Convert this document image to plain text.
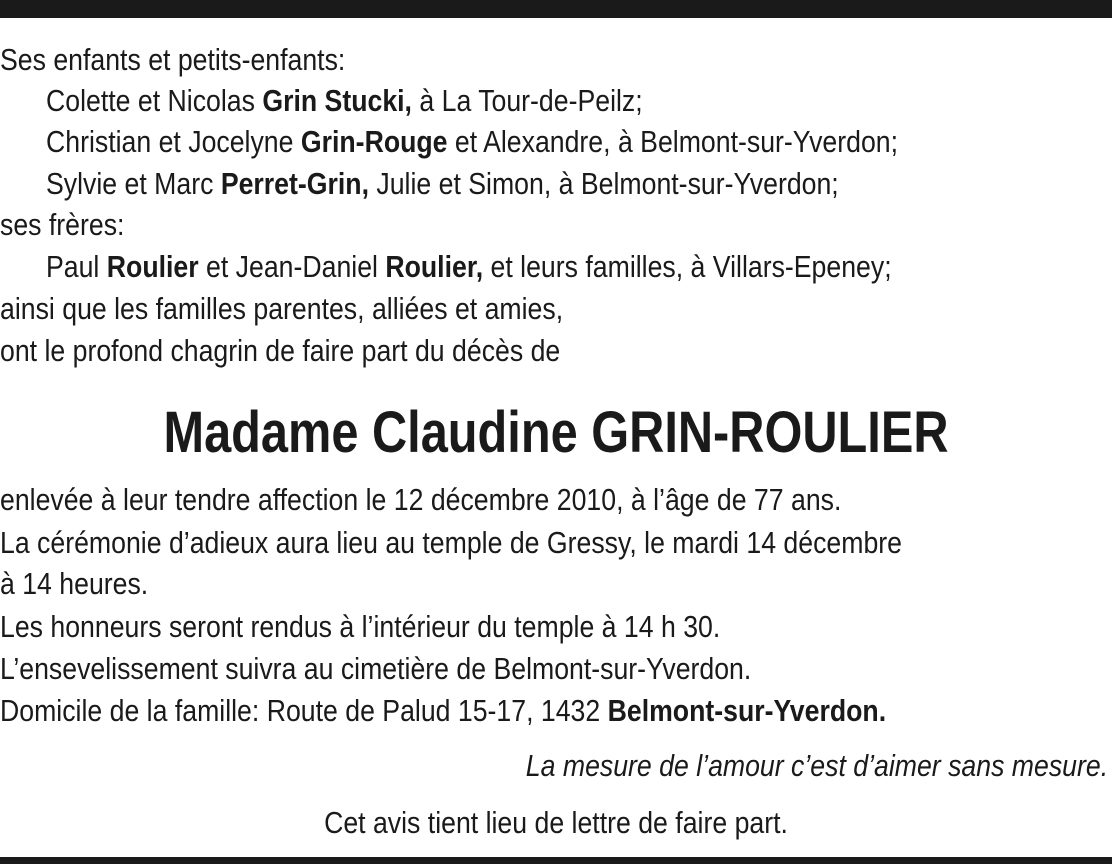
Ses enfants et petits-enfants:
Colette et Nicolas Grin Stucki, à La Tour-de-Peilz;
Christian et Jocelyne Grin-Rouge et Alexandre, à Belmont-sur-Yverdon;
Sylvie et Marc Perret-Grin, Julie et Simon, à Belmont-sur-Yverdon;
ses frères:
Paul Roulier et Jean-Daniel Roulier, et leurs familles, à Villars-Epeney;
ainsi que les familles parentes, alliées et amies,
ont le profond chagrin de faire part du décès de
Madame Claudine GRIN-ROULIER
enlevée à leur tendre affection le 12 décembre 2010, à l’âge de 77 ans.
La cérémonie d’adieux aura lieu au temple de Gressy, le mardi 14 décembre
à 14 heures.
Les honneurs seront rendus à l’intérieur du temple à 14 h 30.
L’ensevelissement suivra au cimetière de Belmont-sur-Yverdon.
Domicile de la famille: Route de Palud 15-17, 1432 Belmont-sur-Yverdon.
La mesure de l’amour c’est d’aimer sans mesure.
Cet avis tient lieu de lettre de faire part.
